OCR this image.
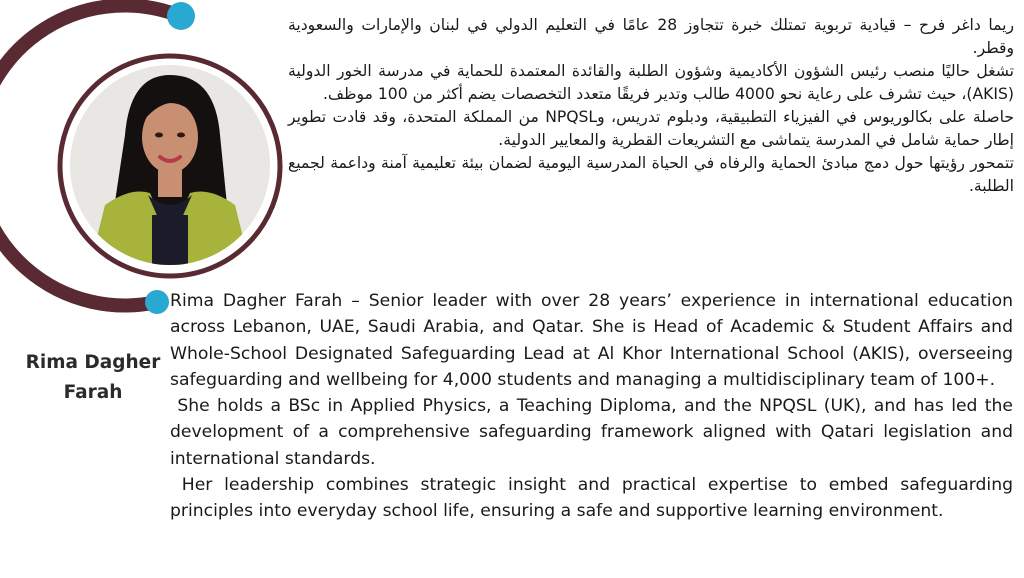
ريما داغر فرح – قيادية تربوية تمتلك خبرة تتجاوز 28 عامًا في التعليم الدولي في لبنان والإمارات والسعودية وقطر.

تشغل حاليًا منصب رئيس الشؤون الأكاديمية وشؤون الطلبة والقائدة المعتمدة للحماية في مدرسة الخور الدولية (AKIS)، حيث تشرف على رعاية نحو 4000 طالب وتدير فريقًا متعدد التخصصات يضم أكثر من 100 موظف.

حاصلة على بكالوريوس في الفيزياء التطبيقية، ودبلوم تدريس، وNPQSL من المملكة المتحدة، وقد قادت تطوير إطار حماية شامل في المدرسة يتماشى مع التشريعات القطرية والمعايير الدولية.

تتمحور رؤيتها حول دمج مبادئ الحماية والرفاه في الحياة المدرسية اليومية لضمان بيئة تعليمية آمنة وداعمة لجميع الطلبة.

Rima Dagher
Farah

Rima Dagher Farah – Senior leader with over 28 years’ experience in international education across Lebanon, UAE, Saudi Arabia, and Qatar. She is Head of Academic & Student Affairs and Whole-School Designated Safeguarding Lead at Al Khor International School (AKIS), overseeing safeguarding and wellbeing for 4,000 students and managing a multidisciplinary team of 100+.

She holds a BSc in Applied Physics, a Teaching Diploma, and the NPQSL (UK), and has led the development of a comprehensive safeguarding framework aligned with Qatari legislation and international standards.

Her leadership combines strategic insight and practical expertise to embed safeguarding principles into everyday school life, ensuring a safe and supportive learning environment.
